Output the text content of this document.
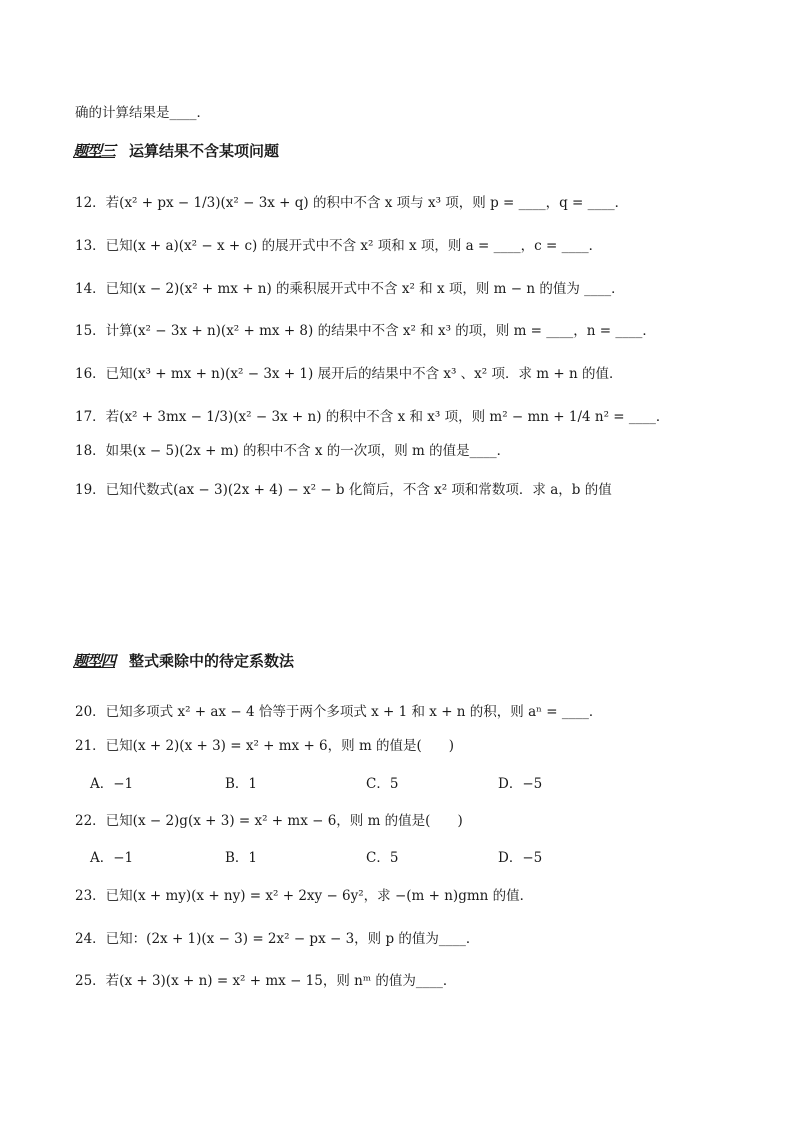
确的计算结果是____．
题型三 运算结果不含某项问题
12．若(x² + px − 1/3)(x² − 3x + q) 的积中不含 x 项与 x³ 项，则 p = ____，q = ____．
13．已知(x + a)(x² − x + c) 的展开式中不含 x² 项和 x 项，则 a = ____，c = ____．
14．已知(x − 2)(x² + mx + n) 的乘积展开式中不含 x² 和 x 项，则 m − n 的值为 ____．
15．计算(x² − 3x + n)(x² + mx + 8) 的结果中不含 x² 和 x³ 的项，则 m = ____，n = ____．
16．已知(x³ + mx + n)(x² − 3x + 1) 展开后的结果中不含 x³ 、x² 项．求 m + n 的值．
17．若(x² + 3mx − 1/3)(x² − 3x + n) 的积中不含 x 和 x³ 项，则 m² − mn + 1/4 n² = ____．
18．如果(x − 5)(2x + m) 的积中不含 x 的一次项，则 m 的值是____．
19．已知代数式(ax − 3)(2x + 4) − x² − b 化简后，不含 x² 项和常数项．求 a，b 的值
题型四 整式乘除中的待定系数法
20．已知多项式 x² + ax − 4 恰等于两个多项式 x + 1 和 x + n 的积，则 aⁿ = ____．
21．已知(x + 2)(x + 3) = x² + mx + 6，则 m 的值是(　　)
A．−1	B．1	C．5	D．−5
22．已知(x − 2)g(x + 3) = x² + mx − 6，则 m 的值是(　　)
A．−1	B．1	C．5	D．−5
23．已知(x + my)(x + ny) = x² + 2xy − 6y²，求 −(m + n)gmn 的值．
24．已知：(2x + 1)(x − 3) = 2x² − px − 3，则 p 的值为____．
25．若(x + 3)(x + n) = x² + mx − 15，则 nᵐ 的值为____．
